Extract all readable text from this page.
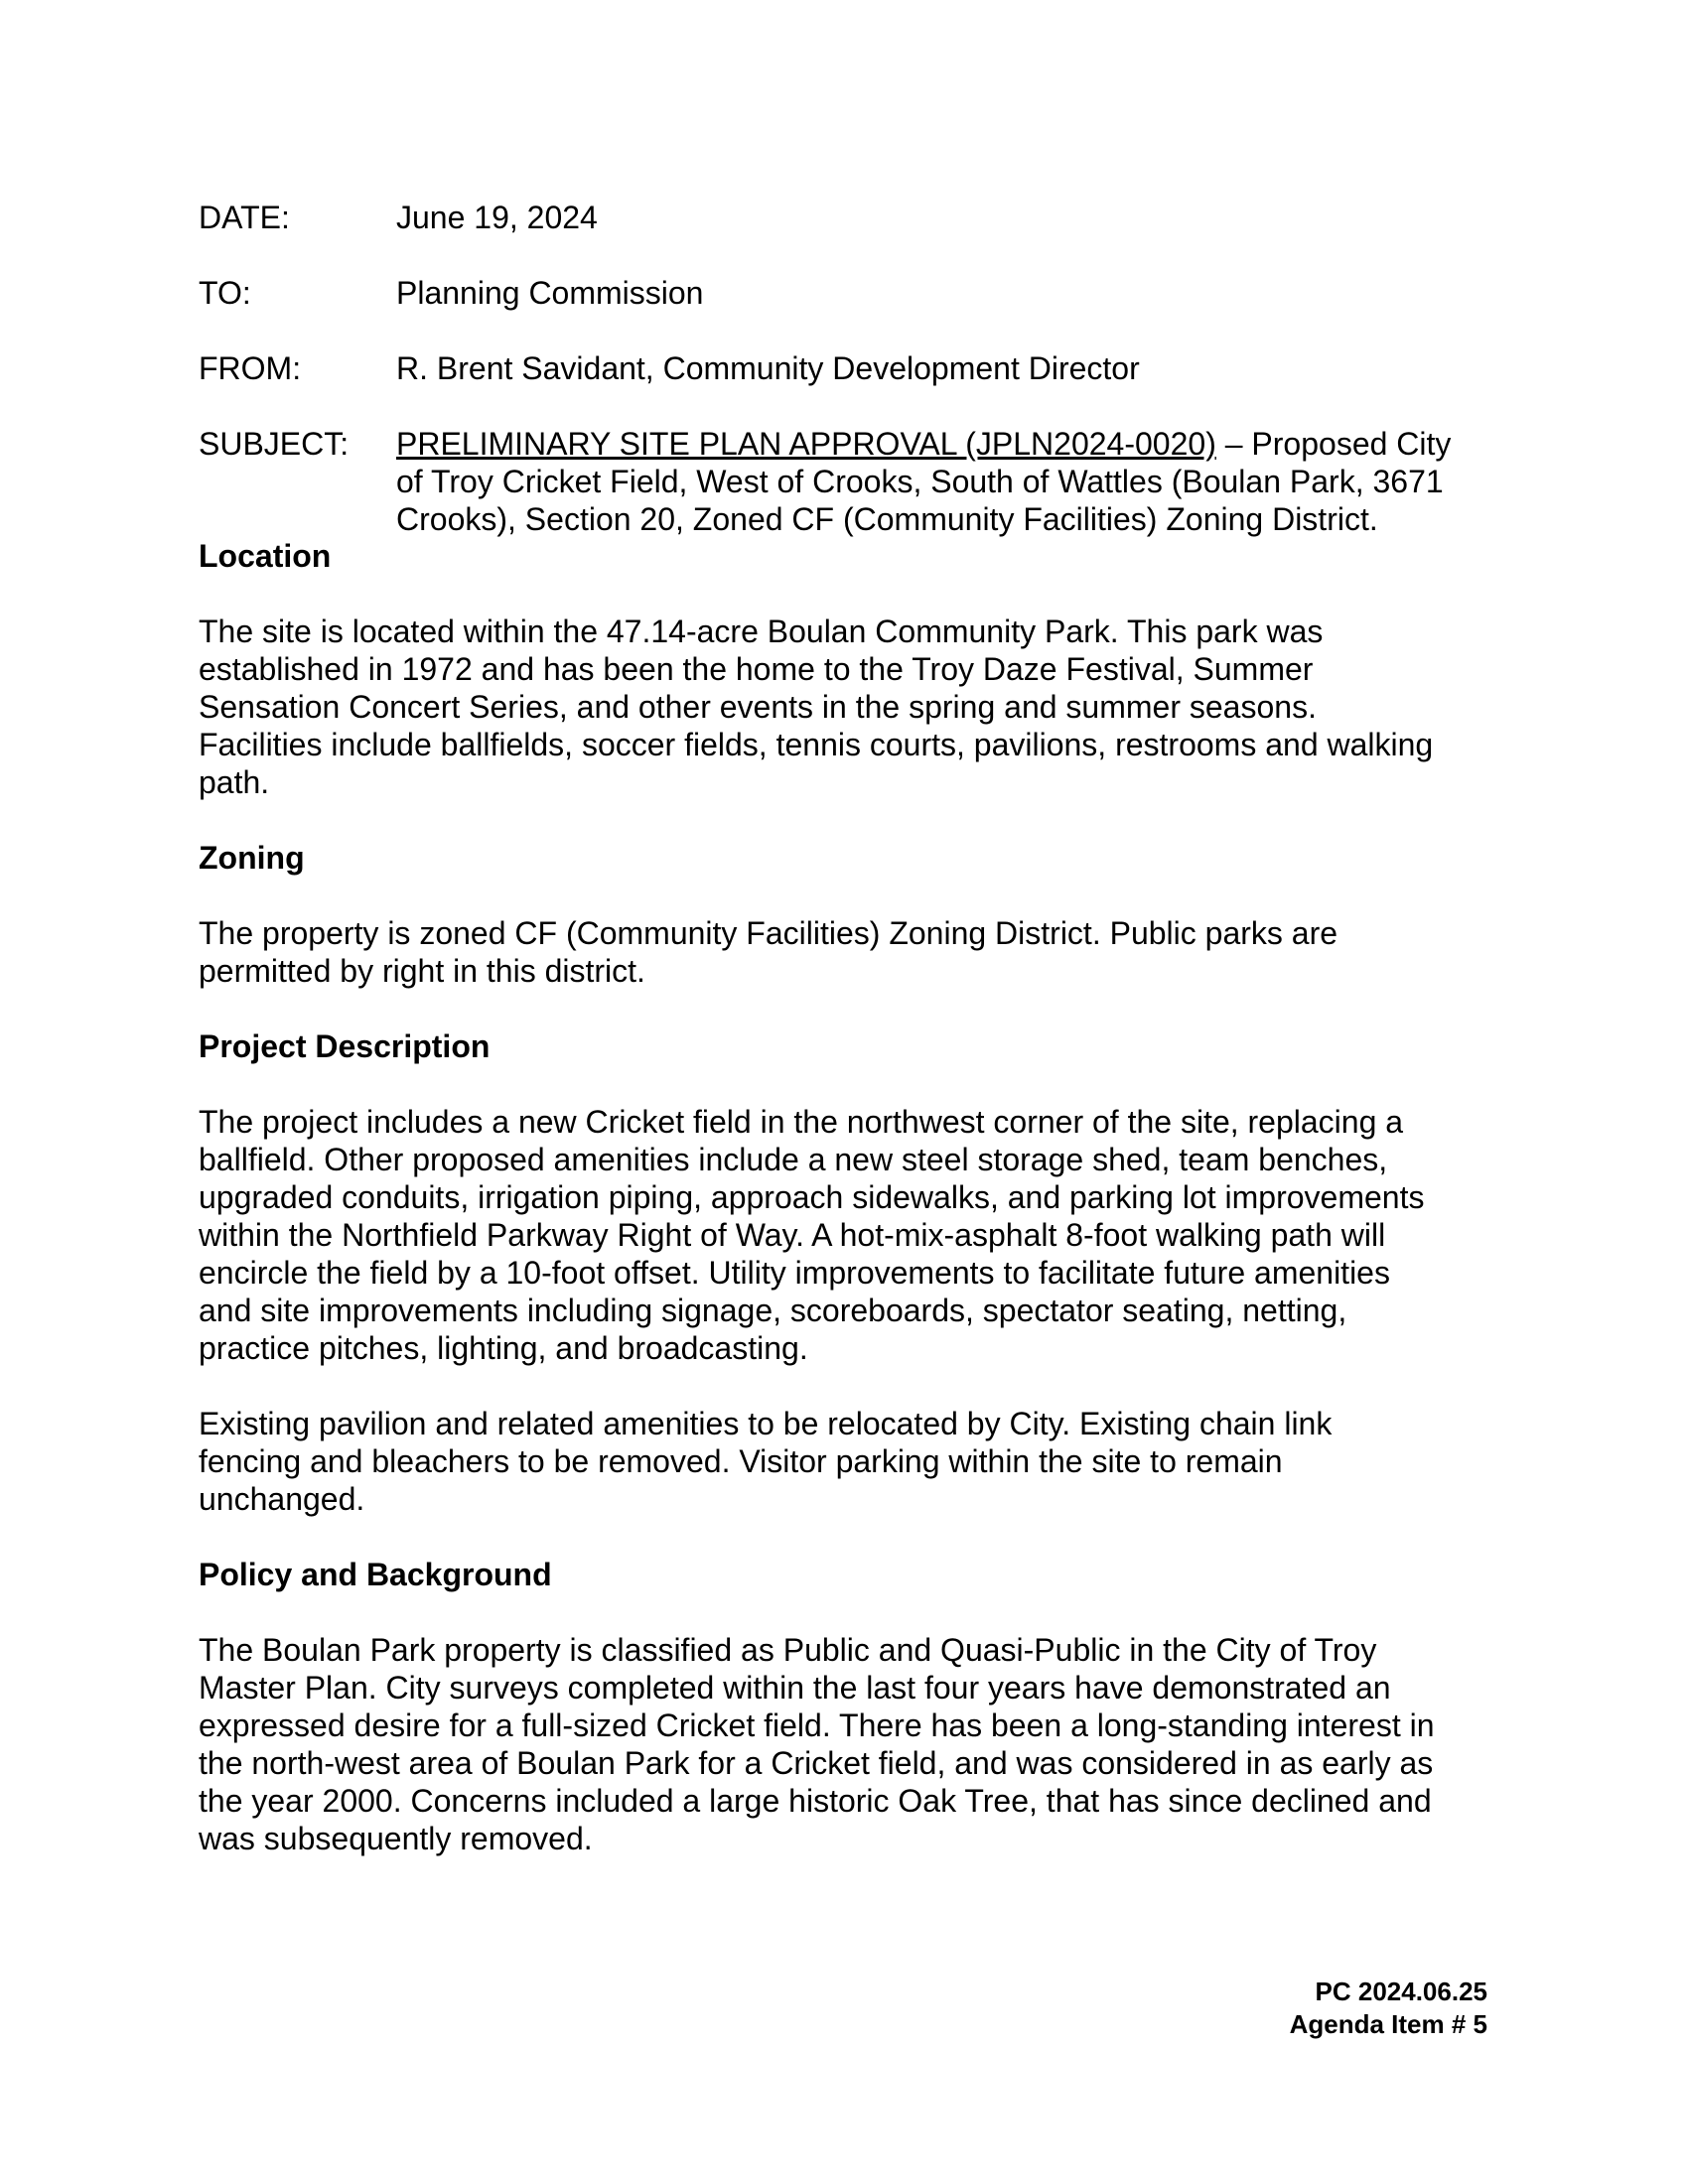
DATE:	June 19, 2024
TO:	Planning Commission
FROM:	R. Brent Savidant, Community Development Director
SUBJECT: PRELIMINARY SITE PLAN APPROVAL (JPLN2024-0020) – Proposed City
of Troy Cricket Field, West of Crooks, South of Wattles (Boulan Park, 3671
Crooks), Section 20, Zoned CF (Community Facilities) Zoning District.
Location
The site is located within the 47.14-acre Boulan Community Park. This park was
established in 1972 and has been the home to the Troy Daze Festival, Summer
Sensation Concert Series, and other events in the spring and summer seasons.
Facilities include ballfields, soccer fields, tennis courts, pavilions, restrooms and walking
path.
Zoning
The property is zoned CF (Community Facilities) Zoning District. Public parks are
permitted by right in this district.
Project Description
The project includes a new Cricket field in the northwest corner of the site, replacing a
ballfield. Other proposed amenities include a new steel storage shed, team benches,
upgraded conduits, irrigation piping, approach sidewalks, and parking lot improvements
within the Northfield Parkway Right of Way. A hot-mix-asphalt 8-foot walking path will
encircle the field by a 10-foot offset. Utility improvements to facilitate future amenities
and site improvements including signage, scoreboards, spectator seating, netting,
practice pitches, lighting, and broadcasting.
Existing pavilion and related amenities to be relocated by City. Existing chain link
fencing and bleachers to be removed. Visitor parking within the site to remain
unchanged.
Policy and Background
The Boulan Park property is classified as Public and Quasi-Public in the City of Troy
Master Plan. City surveys completed within the last four years have demonstrated an
expressed desire for a full-sized Cricket field. There has been a long-standing interest in
the north-west area of Boulan Park for a Cricket field, and was considered in as early as
the year 2000. Concerns included a large historic Oak Tree, that has since declined and
was subsequently removed.
PC 2024.06.25
Agenda Item # 5
